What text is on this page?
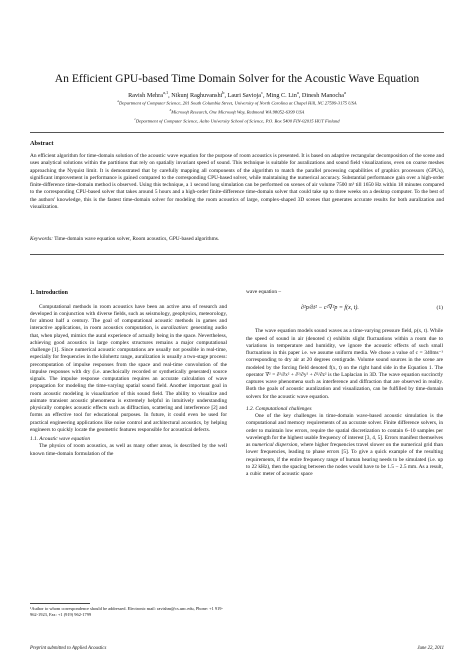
An Efficient GPU-based Time Domain Solver for the Acoustic Wave Equation
Ravish Mehra$^{a,1}$, Nikunj Raghuvanshi$^b$, Lauri Savioja$^c$, Ming C. Lin$^a$, Dinesh Manocha$^a$
$^a$Department of Computer Science, 201 South Columbia Street, University of North Carolina at Chapel Hill, NC 27599-3175 USA
$^b$Microsoft Research, One Microsoft Way, Redmond WA 98052-6399 USA
$^c$Department of Computer Science, Aalto University School of Science, P.O. Box 5400 FIN-02015 HUT Finland
Abstract
An efficient algorithm for time-domain solution of the acoustic wave equation for the purpose of room acoustics is presented. It is based on adaptive rectangular decomposition of the scene and uses analytical solutions within the partitions that rely on spatially invariant speed of sound. This technique is suitable for auralizations and sound field visualizations, even on coarse meshes approaching the Nyquist limit. It is demonstrated that by carefully mapping all components of the algorithm to match the parallel processing capabilities of graphics processors (GPUs), significant improvement in performance is gained compared to the corresponding CPU-based solver, while maintaining the numerical accuracy. Substantial performance gain over a high-order finite-difference time-domain method is observed. Using this technique, a 1 second long simulation can be performed on scenes of air volume 7500 m³ till 1650 Hz within 18 minutes compared to the corresponding CPU-based solver that takes around 5 hours and a high-order finite-difference time-domain solver that could take up to three weeks on a desktop computer. To the best of the authors' knowledge, this is the fastest time-domain solver for modeling the room acoustics of large, complex-shaped 3D scenes that generates accurate results for both auralization and visualization.
Keywords: Time-domain wave equation solver, Room acoustics, GPU-based algorithms.
1. Introduction

Computational methods in room acoustics have been an active area of research and developed in conjunction with diverse fields, such as seismology, geophysics, meteorology, for almost half a century. The goal of computational acoustic methods in games and interactive applications, in room acoustics computation, is auralization: generating audio that, when played, mimics the aural experience of actually being in the space. Nevertheless, achieving good acoustics in large complex structures remains a major computational challenge [1]. Since numerical acoustic computations are usually not possible in real-time, especially for frequencies in the kilohertz range, auralization is usually a two-stage process: precomputation of impulse responses from the space and real-time convolution of the impulse responses with dry (i.e. anechoically recorded or synthetically generated) source signals. The impulse response computation requires an accurate calculation of wave propagation for modeling the time-varying spatial sound field. Another important goal in room acoustic modeling is visualization of this sound field. The ability to visualize and animate transient acoustic phenomena is extremely helpful in intuitively understanding physically complex acoustic effects such as diffraction, scattering and interference [2] and forms an effective tool for educational purposes. In future, it could even be used for practical engineering applications like noise control and architectural acoustics, by helping engineers to quickly locate the geometric features responsible for acoustical defects.

1.1. Acoustic wave equation

The physics of room acoustics, as well as many other areas, is described by the well known time-domain formulation of the

¹Author to whom correspondence should be addressed. Electronic mail: ravishm@cs.unc.edu, Phone: +1 919-962-1923, Fax: +1 (919) 962-1799

wave equation –

∂²p/∂t² − c²∇²p = f(x, t).	(1)

The wave equation models sound waves as a time-varying pressure field, p(x, t). While the speed of sound in air (denoted c) exhibits slight fluctuations within a room due to variations in temperature and humidity, we ignore the acoustic effects of such small fluctuations in this paper i.e. we assume uniform media. We chose a value of c = 340ms⁻¹ corresponding to dry air at 20 degrees centigrade. Volume sound sources in the scene are modeled by the forcing field denoted f(x, t) on the right hand side in the Equation 1. The operator ∇² = ∂²/∂x² + ∂²/∂y² + ∂²/∂z² is the Laplacian in 3D. The wave equation succinctly captures wave phenomena such as interference and diffraction that are observed in reality. Both the goals of acoustic auralization and visualization, can be fulfilled by time-domain solvers for the acoustic wave equation.

1.2. Computational challenges

One of the key challenges in time-domain wave-based acoustic simulation is the computational and memory requirements of an accurate solver. Finite difference solvers, in order to maintain low errors, require the spatial discretization to contain 6–10 samples per wavelength for the highest usable frequency of interest [3, 4, 5]. Errors manifest themselves as numerical dispersion, where higher frequencies travel slower on the numerical grid than lower frequencies, leading to phase errors [5]. To give a quick example of the resulting requirements, if the entire frequency range of human hearing needs to be simulated (i.e. up to 22 kHz), then the spacing between the nodes would have to be 1.5 − 2.5 mm. As a result, a cubic meter of acoustic space

Preprint submitted to Applied Acoustics	June 22, 2011
